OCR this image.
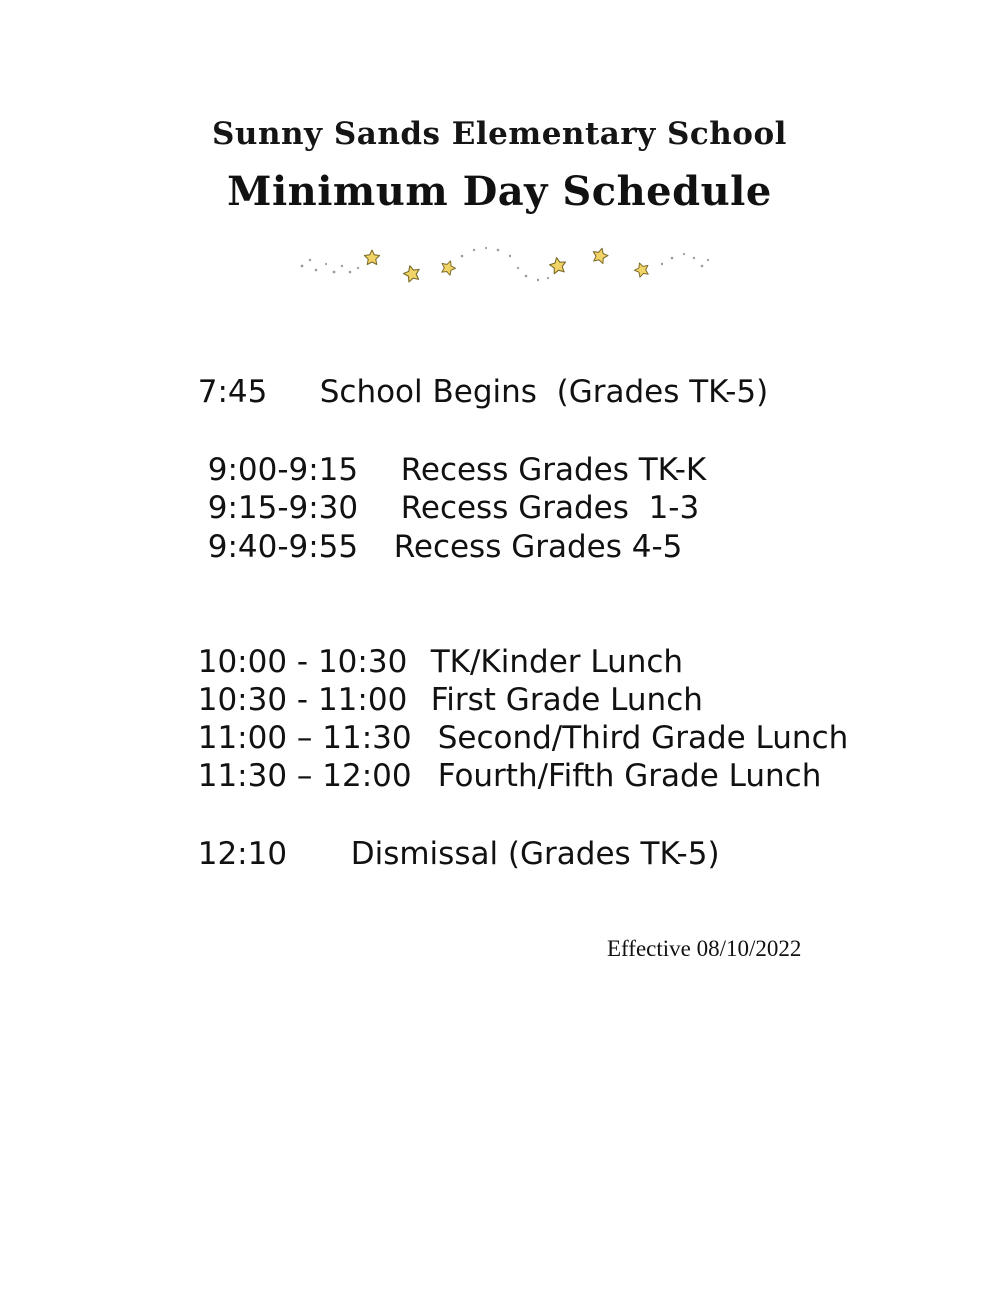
Sunny Sands Elementary School
Minimum Day Schedule

7:45 School Begins  (Grades TK-5)

9:00-9:15 Recess Grades TK-K

9:15-9:30 Recess Grades  1-3

9:40-9:55 Recess Grades 4-5

10:00 - 10:30 TK/Kinder Lunch

10:30 - 11:00 First Grade Lunch

11:00 – 11:30 Second/Third Grade Lunch

11:30 – 12:00 Fourth/Fifth Grade Lunch

12:10 Dismissal (Grades TK-5)

Effective 08/10/2022
